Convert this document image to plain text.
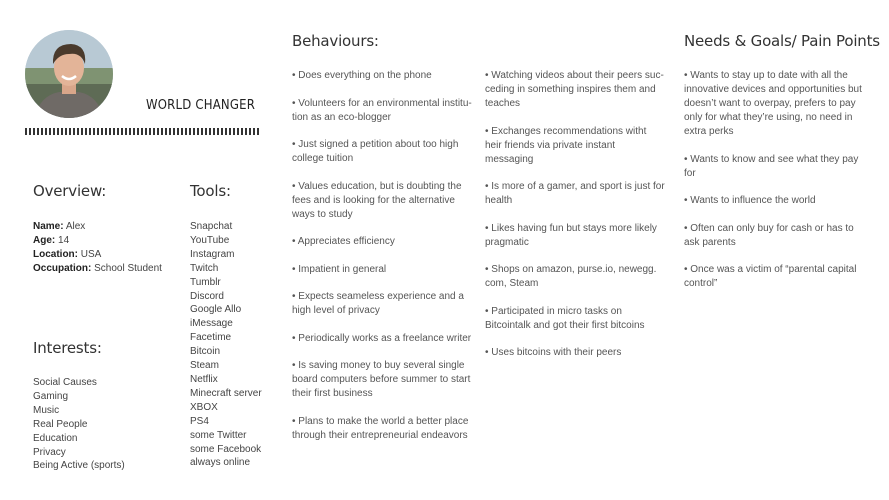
WORLD CHANGER
Overview:
Name: Alex
Age: 14
Location: USA
Occupation: School Student
Interests:
Social Causes
Gaming
Music
Real People
Education
Privacy
Being Active (sports)
Tools:
Snapchat
YouTube
Instagram
Twitch
Tumblr
Discord
Google Allo
iMessage
Facetime
Bitcoin
Steam
Netflix
Minecraft server
XBOX
PS4
some Twitter
some Facebook
always online
Behaviours:
• Does everything on the phone
• Volunteers for an environmental institu- tion as an eco-blogger
• Just signed a petition about too high college tuition
• Values education, but is doubting the fees and is looking for the alternative ways to study
• Appreciates efficiency
• Impatient in general
• Expects seameless experience and a high level of privacy
• Periodically works as a freelance writer
• Is saving money to buy several single board computers before summer to start their first business
• Plans to make the world a better place through their entrepreneurial endeavors
• Watching videos about their peers suc- ceding in something inspires them and teaches
• Exchanges recommendations witht heir friends via private instant messaging
• Is more of a gamer, and sport is just for health
• Likes having fun but stays more likely pragmatic
• Shops on amazon, purse.io, newegg. com, Steam
• Participated in micro tasks on Bitcointalk and got their first bitcoins
• Uses bitcoins with their peers
Needs & Goals/ Pain Points
• Wants to stay up to date with all the innovative devices and opportunities but doesn’t want to overpay, prefers to pay only for what they’re using, no need in extra perks
• Wants to know and see what they pay for
• Wants to influence the world
• Often can only buy for cash or has to ask parents
• Once was a victim of “parental capital control”
